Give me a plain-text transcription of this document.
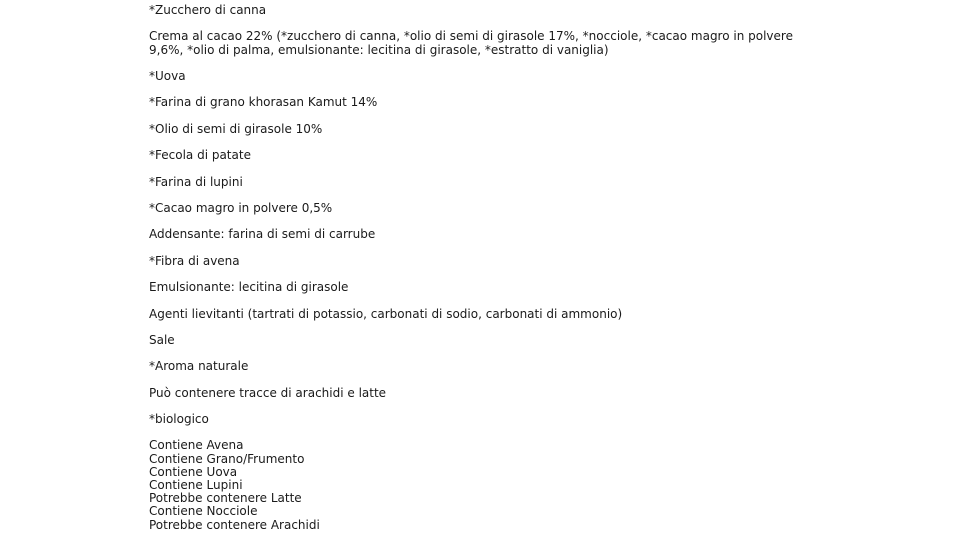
*Zucchero di canna

Crema al cacao 22% (*zucchero di canna, *olio di semi di girasole 17%, *nocciole, *cacao magro in polvere 9,6%, *olio di palma, emulsionante: lecitina di girasole, *estratto di vaniglia)

*Uova

*Farina di grano khorasan Kamut 14%

*Olio di semi di girasole 10%

*Fecola di patate

*Farina di lupini

*Cacao magro in polvere 0,5%

Addensante: farina di semi di carrube

*Fibra di avena

Emulsionante: lecitina di girasole

Agenti lievitanti (tartrati di potassio, carbonati di sodio, carbonati di ammonio)

Sale

*Aroma naturale

Può contenere tracce di arachidi e latte

*biologico

Contiene Avena
Contiene Grano/Frumento
Contiene Uova
Contiene Lupini
Potrebbe contenere Latte
Contiene Nocciole
Potrebbe contenere Arachidi
